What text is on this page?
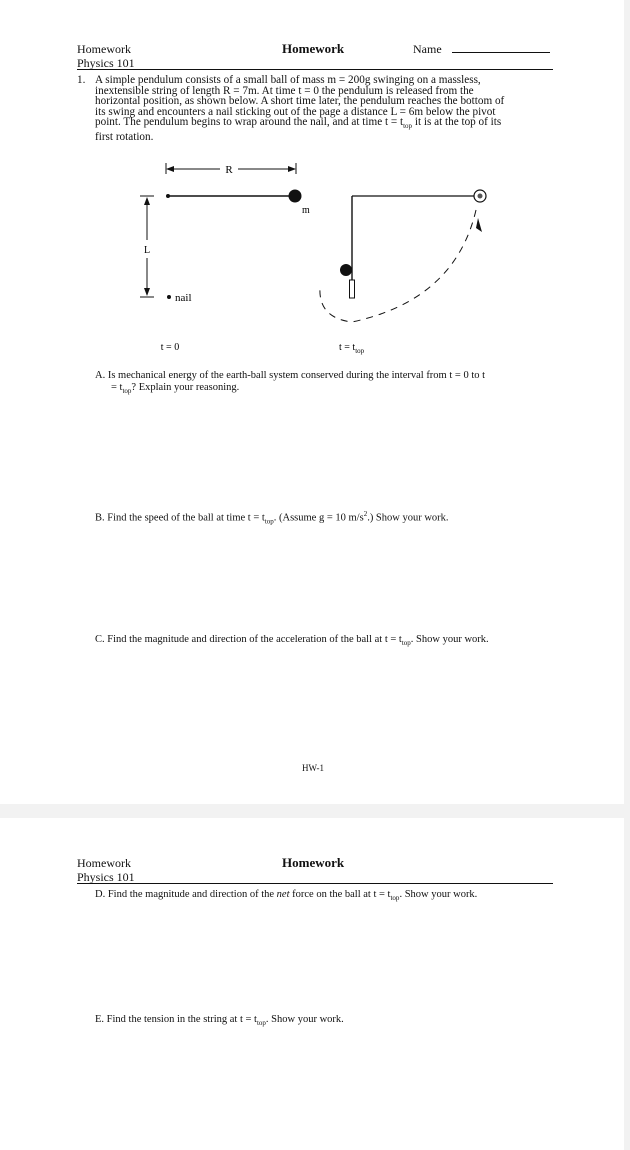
Homework
Physics 101
Homework	Name
1. A simple pendulum consists of a small ball of mass m = 200g swinging on a massless,
inextensible string of length R = 7m. At time t = 0 the pendulum is released from the
horizontal position, as shown below. A short time later, the pendulum reaches the bottom of
its swing and encounters a nail sticking out of the page a distance L = 6m below the pivot
point. The pendulum begins to wrap around the nail, and at time $t = t_{top}$ it is at the top of its
first rotation.
R
m
L
nail
t = 0	$t = t_{top}$
A. Is mechanical energy of the earth-ball system conserved during the interval from t = 0 to t
= $t_{top}$? Explain your reasoning.
B. Find the speed of the ball at time $t = t_{top}$. (Assume g = 10 $m/s^2$.) Show your work.
C. Find the magnitude and direction of the acceleration of the ball at $t = t_{top}$. Show your work.
HW-1
Homework
Physics 101
Homework
D. Find the magnitude and direction of the net force on the ball at $t = t_{top}$. Show your work.
E. Find the tension in the string at $t = t_{top}$. Show your work.
